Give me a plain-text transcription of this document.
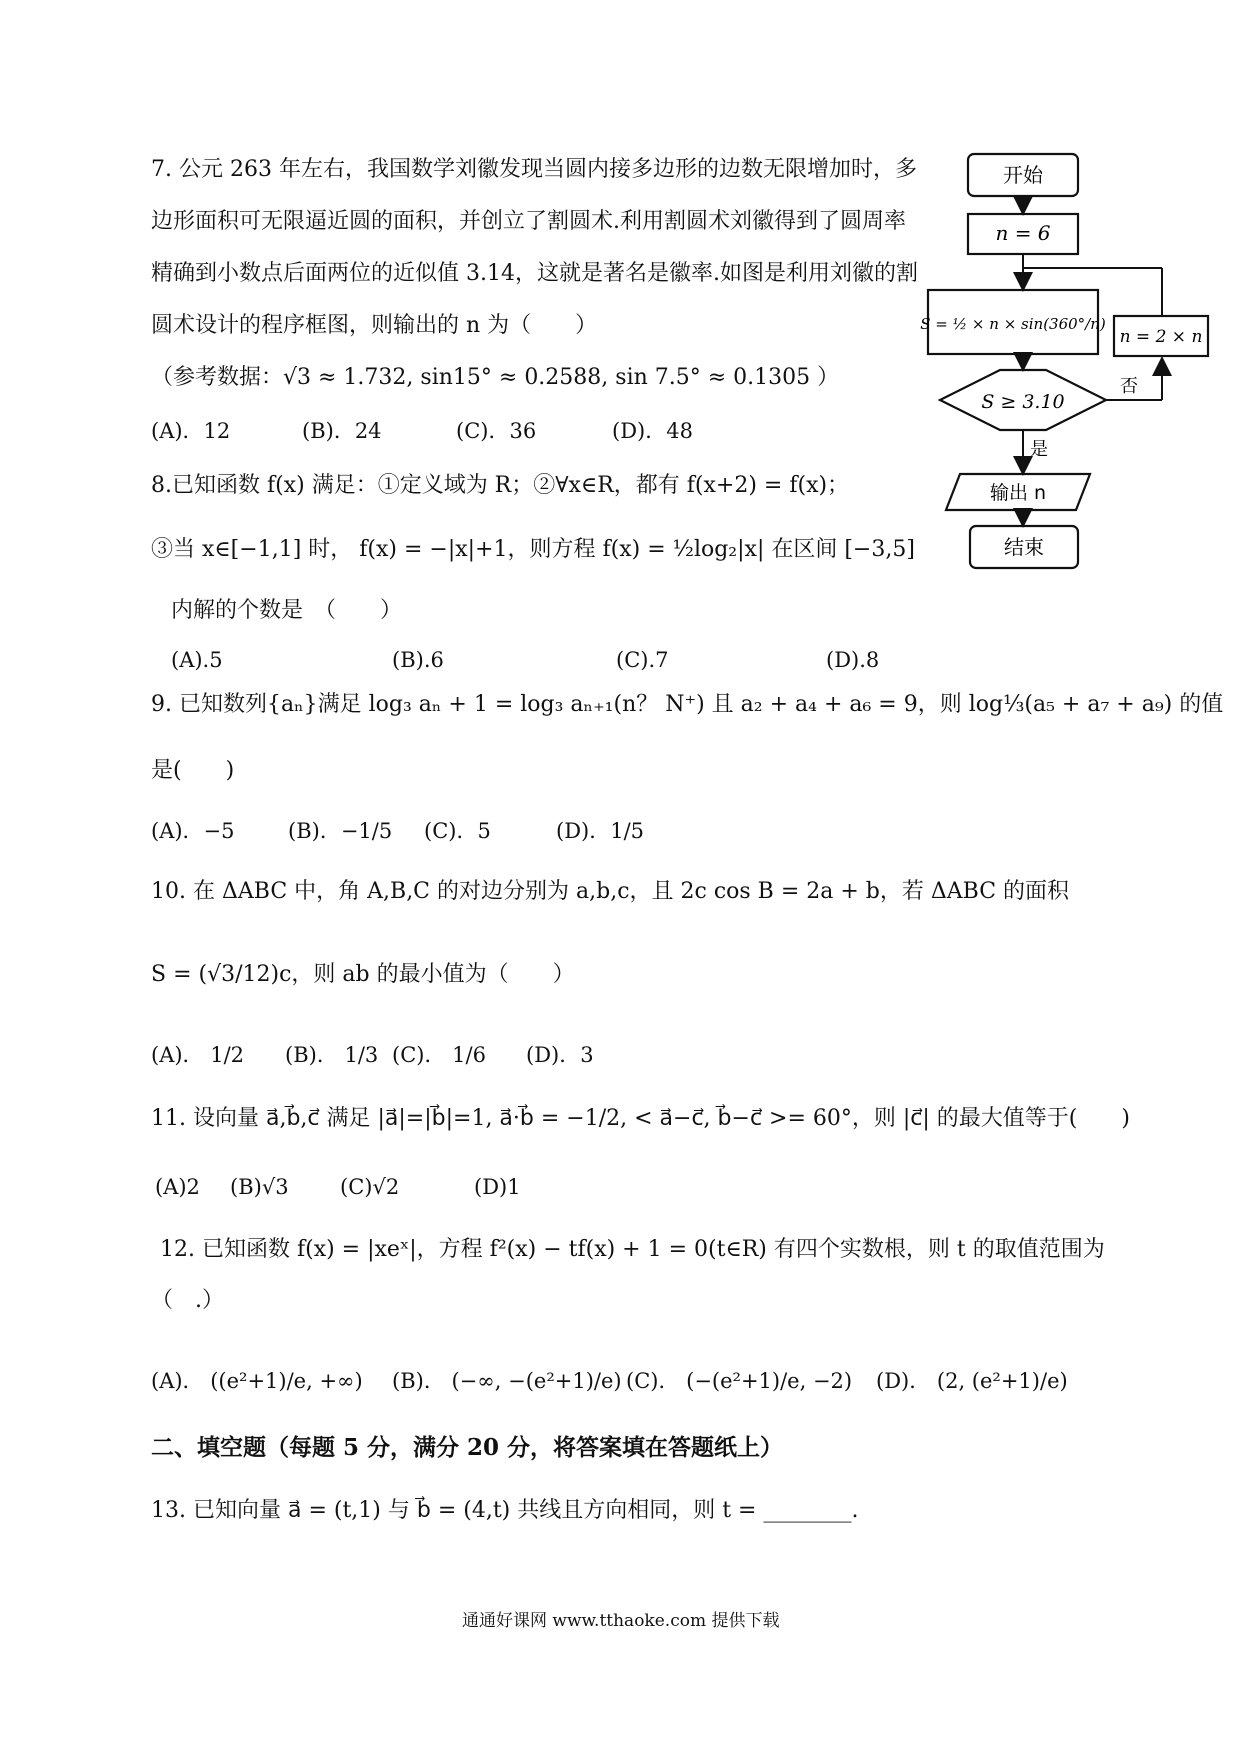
7. 公元 263 年左右，我国数学刘徽发现当圆内接多边形的边数无限增加时，多
边形面积可无限逼近圆的面积，并创立了割圆术.利用割圆术刘徽得到了圆周率
精确到小数点后面两位的近似值 3.14，这就是著名是徽率.如图是利用刘徽的割
圆术设计的程序框图，则输出的 n 为（　　）
（参考数据：√3 ≈ 1.732, sin15° ≈ 0.2588, sin 7.5° ≈ 0.1305 ）
(A)．12	(B)．24	(C)．36	(D)．48
开始
n = 6
S = ½ × n × sin(360°/n)
n = 2 × n
S ≥ 3.10
否
是
输出 n
结束
8.已知函数 f(x) 满足：①定义域为 R；②∀x∈R，都有 f(x+2) = f(x)；
③当 x∈[−1,1] 时， f(x) = −|x|+1，则方程 f(x) = ½log₂|x| 在区间 [−3,5]
内解的个数是　（　　）
(A).5	(B).6	(C).7	(D).8
9. 已知数列{aₙ}满足 log₃ aₙ + 1 = log₃ aₙ₊₁(n？ N⁺) 且 a₂ + a₄ + a₆ = 9，则 log⅓(a₅ + a₇ + a₉) 的值
是(　　)
(A)．−5	(B)．−1/5 (C)．5	(D)．1/5
10. 在 ΔABC 中，角 A,B,C 的对边分别为 a,b,c，且 2c cos B = 2a + b，若 ΔABC 的面积
S = (√3/12)c，则 ab 的最小值为（　　）
(A)． 1/2 (B)． 1/3 (C)． 1/6 (D)．3
11. 设向量 a⃗,b⃗,c⃗ 满足 |a⃗|=|b⃗|=1, a⃗·b⃗ = −1/2, < a⃗−c⃗, b⃗−c⃗ >= 60°，则 |c⃗| 的最大值等于(　　)
(A)2 (B)√3 (C)√2	(D)1
12. 已知函数 f(x) = |xeˣ|，方程 f²(x) − tf(x) + 1 = 0(t∈R) 有四个实数根，则 t 的取值范围为
（　.）
(A)． ((e²+1)/e, +∞) (B)． (−∞, −(e²+1)/e) (C)． (−(e²+1)/e, −2) (D)． (2, (e²+1)/e)
二、填空题（每题 5 分，满分 20 分，将答案填在答题纸上）
13. 已知向量 a⃗ = (t,1) 与 b⃗ = (4,t) 共线且方向相同，则 t = ________.
通通好课网 www.tthaoke.com 提供下载
